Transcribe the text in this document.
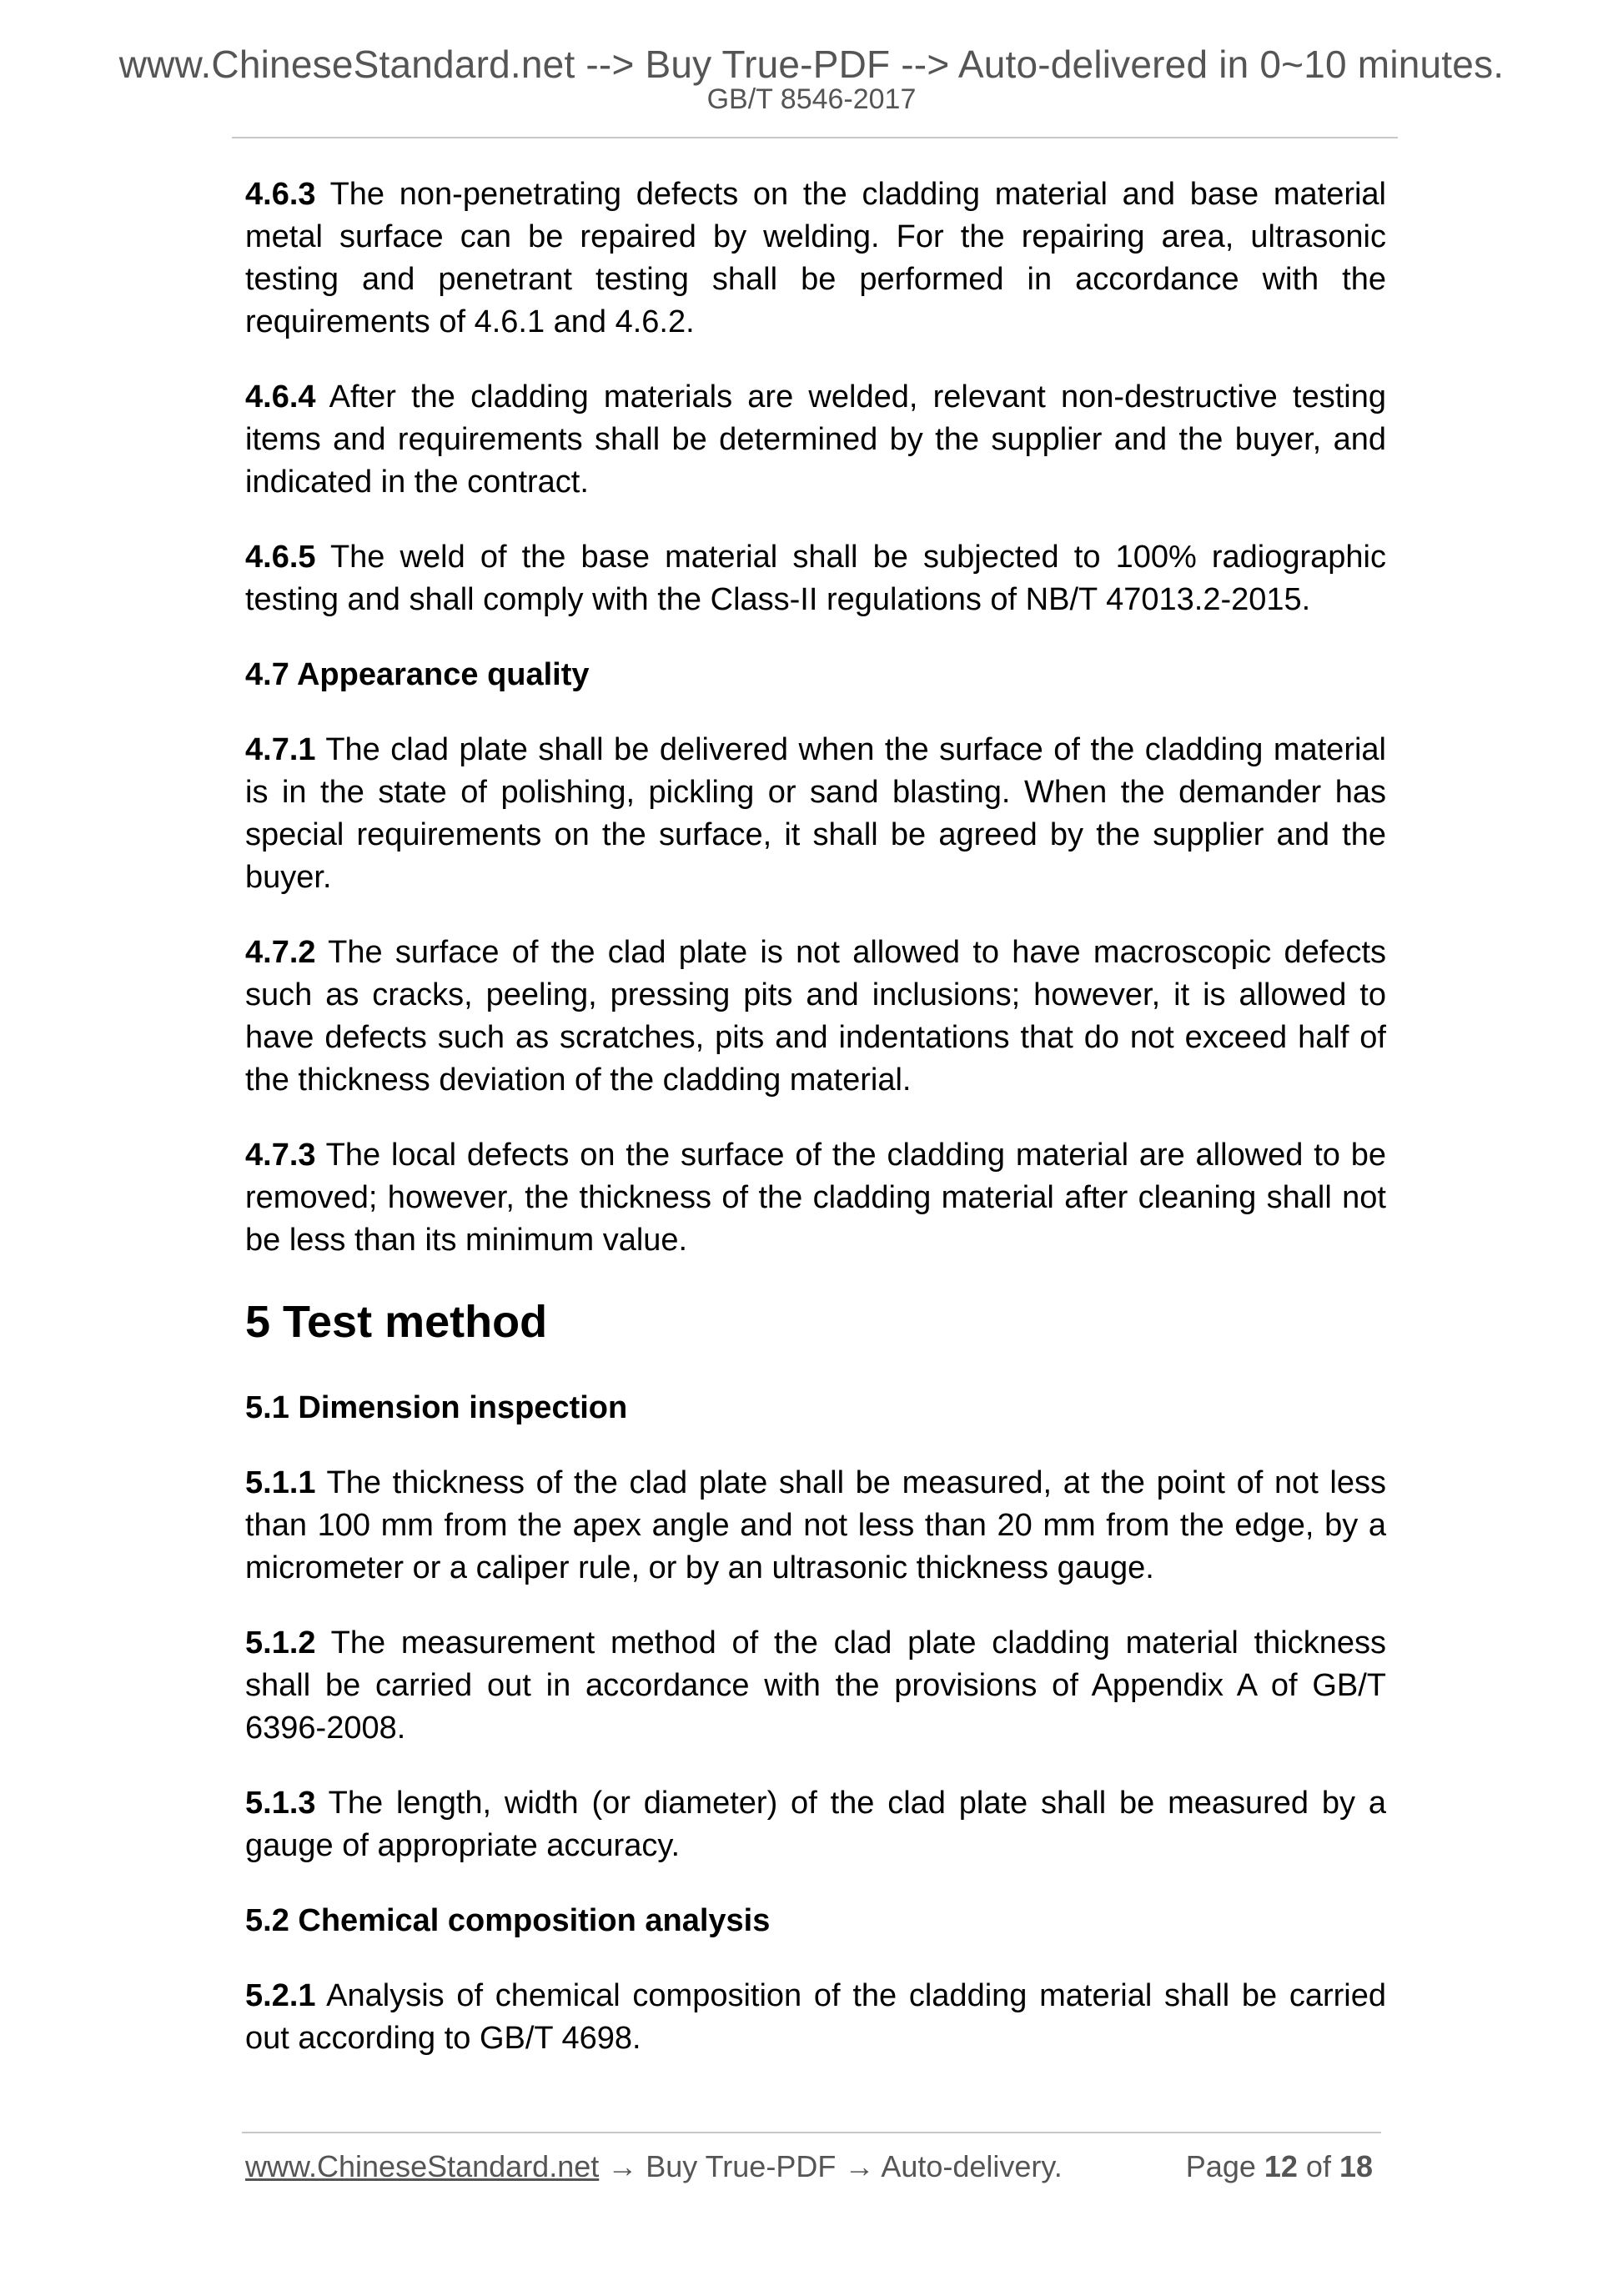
www.ChineseStandard.net --> Buy True-PDF --> Auto-delivered in 0~10 minutes.
GB/T 8546-2017

4.6.3 The non-penetrating defects on the cladding material and base material metal surface can be repaired by welding. For the repairing area, ultrasonic testing and penetrant testing shall be performed in accordance with the requirements of 4.6.1 and 4.6.2.

4.6.4 After the cladding materials are welded, relevant non-destructive testing items and requirements shall be determined by the supplier and the buyer, and indicated in the contract.

4.6.5 The weld of the base material shall be subjected to 100% radiographic testing and shall comply with the Class-II regulations of NB/T 47013.2-2015.

4.7 Appearance quality

4.7.1 The clad plate shall be delivered when the surface of the cladding material is in the state of polishing, pickling or sand blasting. When the demander has special requirements on the surface, it shall be agreed by the supplier and the buyer.

4.7.2 The surface of the clad plate is not allowed to have macroscopic defects such as cracks, peeling, pressing pits and inclusions; however, it is allowed to have defects such as scratches, pits and indentations that do not exceed half of the thickness deviation of the cladding material.

4.7.3 The local defects on the surface of the cladding material are allowed to be removed; however, the thickness of the cladding material after cleaning shall not be less than its minimum value.

5 Test method
5.1 Dimension inspection

5.1.1 The thickness of the clad plate shall be measured, at the point of not less than 100 mm from the apex angle and not less than 20 mm from the edge, by a micrometer or a caliper rule, or by an ultrasonic thickness gauge.

5.1.2 The measurement method of the clad plate cladding material thickness shall be carried out in accordance with the provisions of Appendix A of GB/T 6396-2008.

5.1.3 The length, width (or diameter) of the clad plate shall be measured by a gauge of appropriate accuracy.

5.2 Chemical composition analysis

5.2.1 Analysis of chemical composition of the cladding material shall be carried out according to GB/T 4698.

www.ChineseStandard.net → Buy True-PDF → Auto-delivery.	Page 12 of 18
